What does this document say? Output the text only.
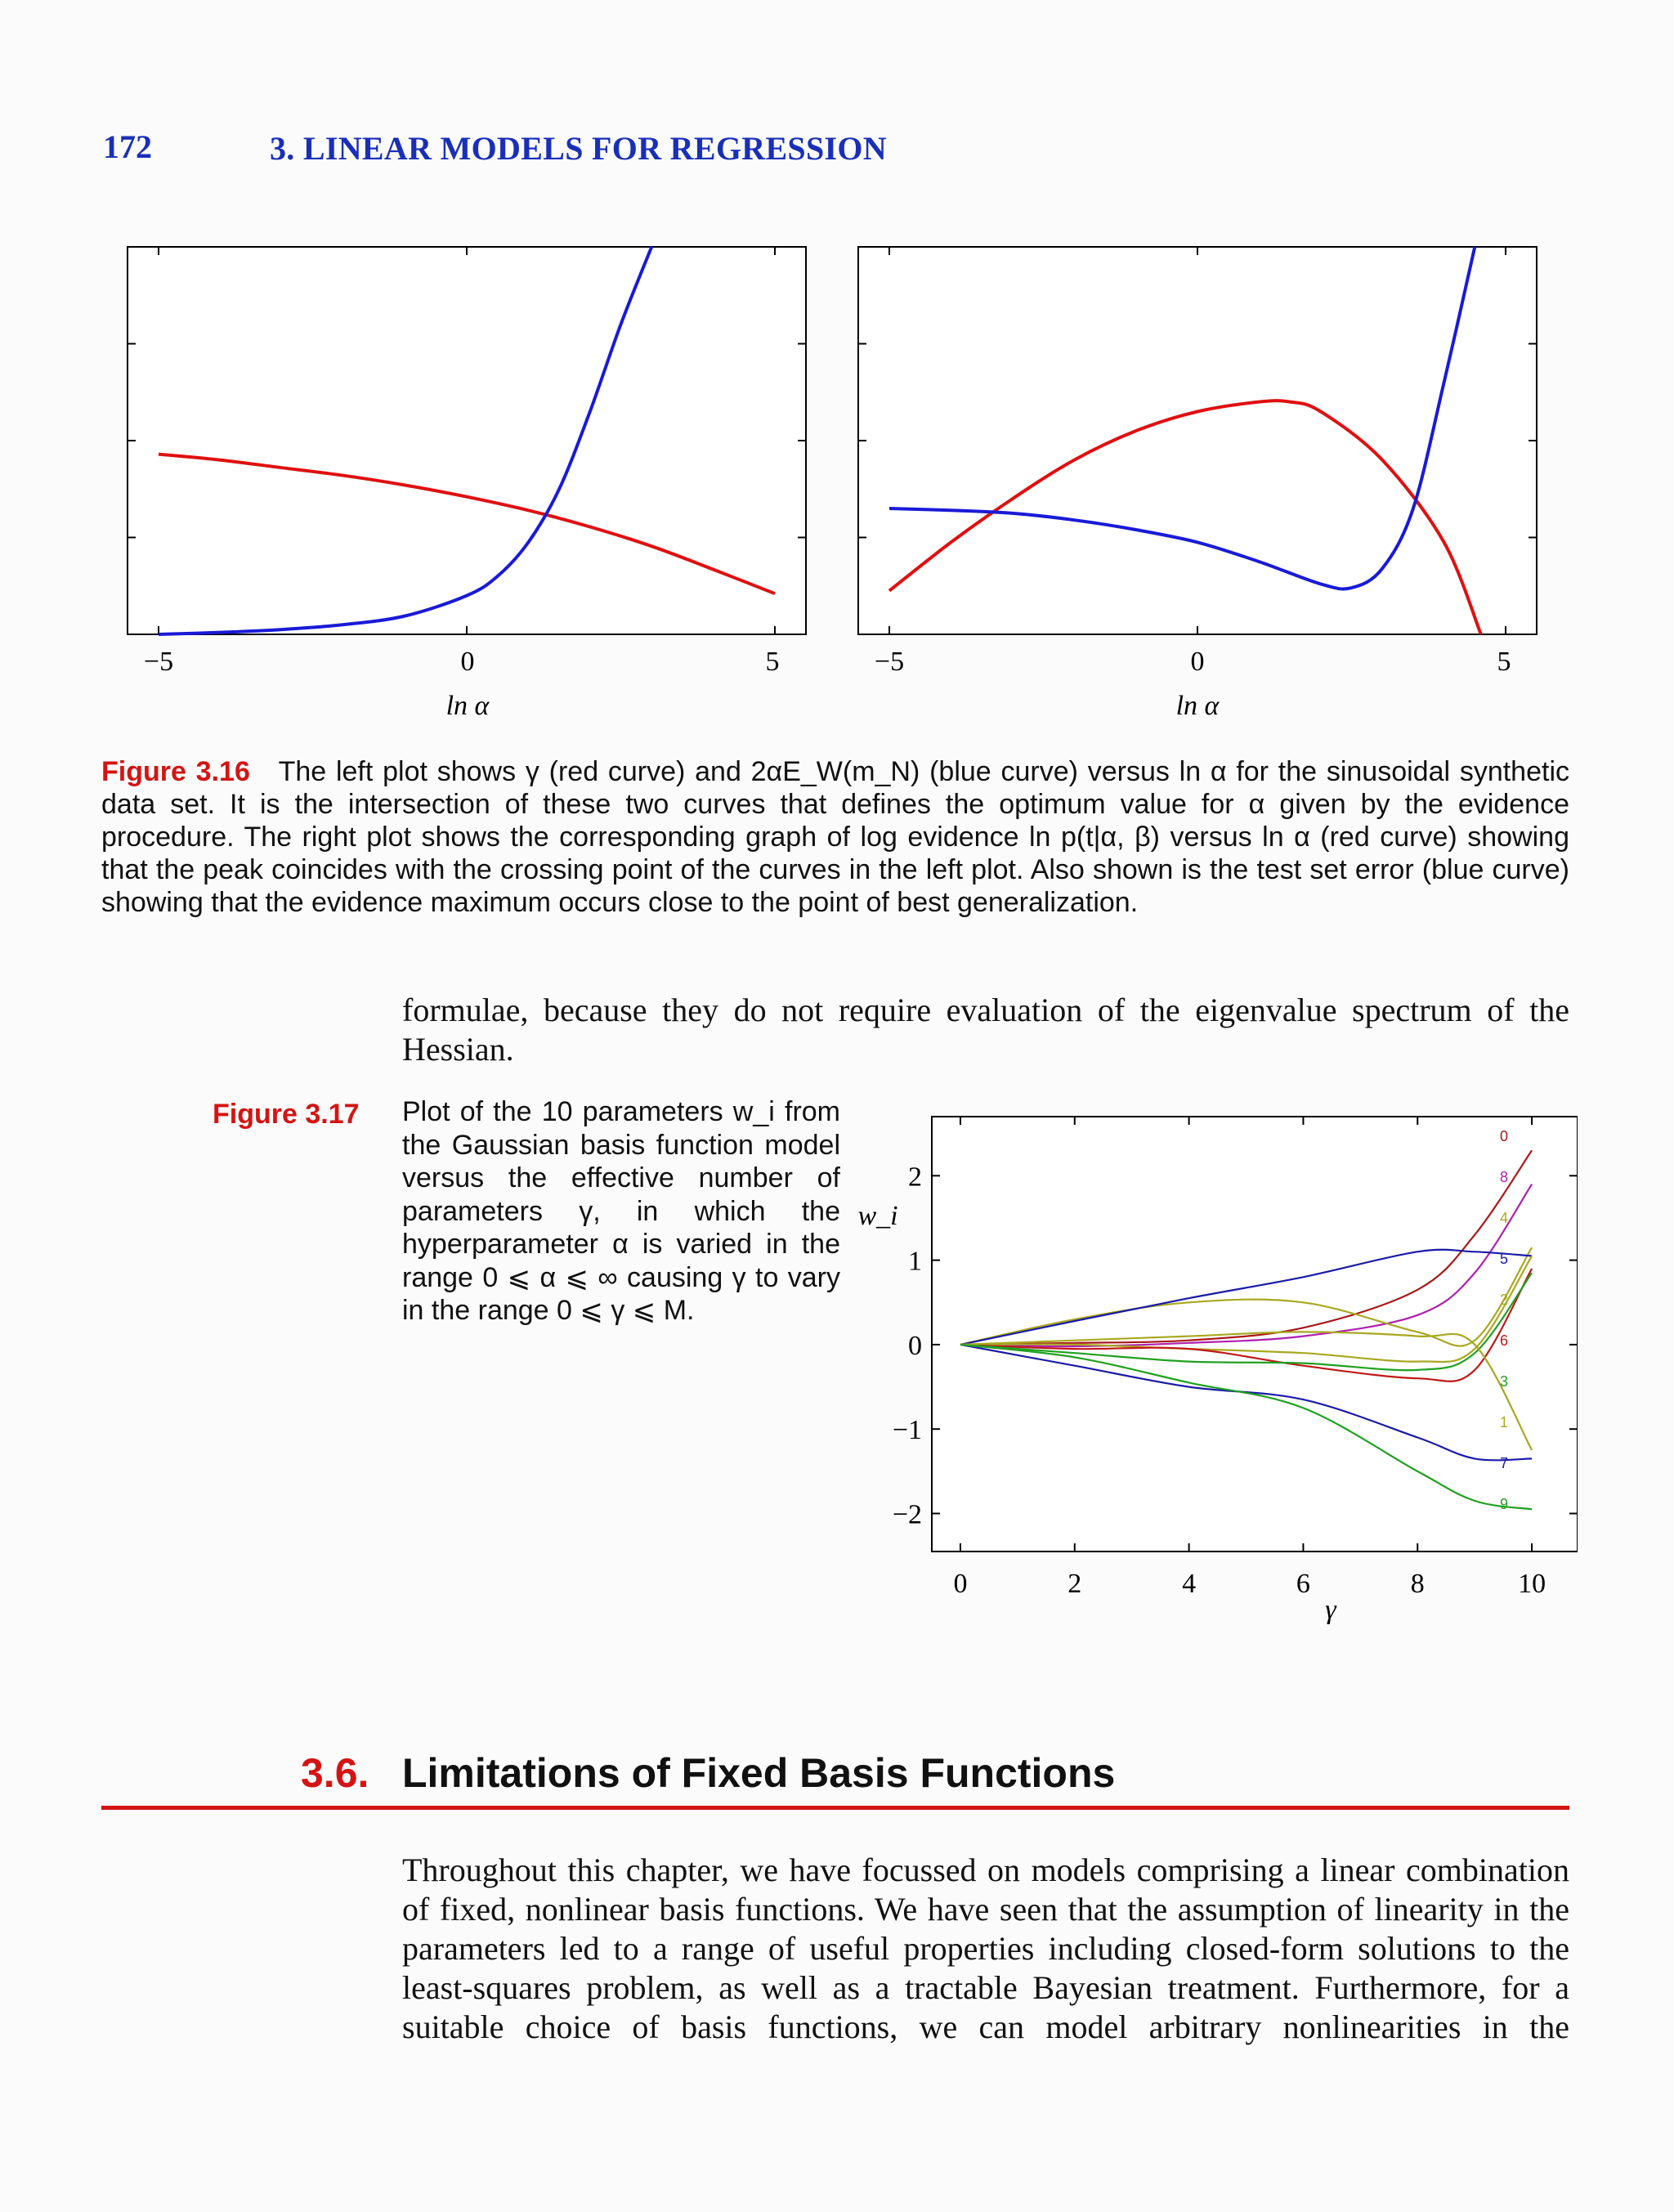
172	3. LINEAR MODELS FOR REGRESSION
−5	0	5
ln α
−5	0	5
ln α
Figure 3.16 The left plot shows γ (red curve) and 2αE_W(m_N) (blue curve) versus ln α for the sinusoidal synthetic data set. It is the intersection of these two curves that defines the optimum value for α given by the evidence procedure. The right plot shows the corresponding graph of log evidence ln p(t|α, β) versus ln α (red curve) showing that the peak coincides with the crossing point of the curves in the left plot. Also shown is the test set error (blue curve) showing that the evidence maximum occurs close to the point of best generalization.
formulae, because they do not require evaluation of the eigenvalue spectrum of the Hessian.
Figure 3.17 Plot of the 10 parameters w_i from the Gaussian basis function model versus the effective number of parameters γ, in which the hyperparameter α is varied in the range 0 ⩽ α ⩽ ∞ causing γ to vary in the range 0 ⩽ γ ⩽ M.
0
8
4
5
2
6
3
1
7
9
−2
−1
0
1
2
0	2	4	6	8	10
w_i
γ
3.6. Limitations of Fixed Basis Functions
Throughout this chapter, we have focussed on models comprising a linear combination of fixed, nonlinear basis functions. We have seen that the assumption of linearity in the parameters led to a range of useful properties including closed-form solutions to the least-squares problem, as well as a tractable Bayesian treatment. Furthermore, for a suitable choice of basis functions, we can model arbitrary nonlinearities in the
